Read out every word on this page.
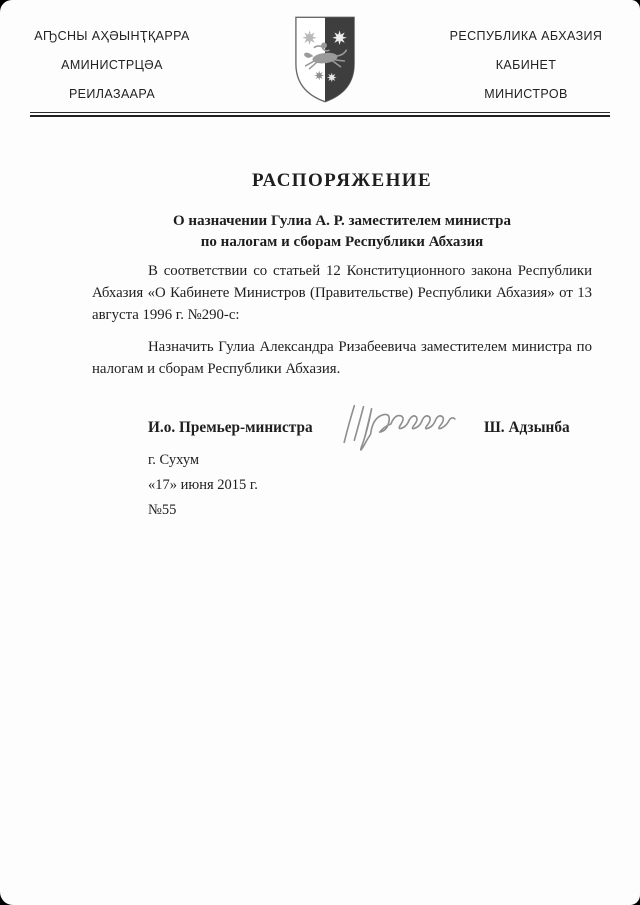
АҦСНЫ АҲӘЫНҬҚАРРА
АМИНИСТРЦӘА
РЕИЛАЗААРА
РЕСПУБЛИКА АБХАЗИЯ
КАБИНЕТ
МИНИСТРОВ
РАСПОРЯЖЕНИЕ
О назначении Гулиа А. Р. заместителем министра
по налогам и сборам Республики Абхазия

В соответствии со статьей 12 Конституционного закона Республики Абхазия «О Кабинете Министров (Правительстве) Республики Абхазия» от 13 августа 1996 г. №290-с:

Назначить Гулиа Александра Ризабеевича заместителем министра по налогам и сборам Республики Абхазия.

И.о. Премьер-министра	Ш. Адзынба
г. Сухум
«17» июня 2015 г.
№55
